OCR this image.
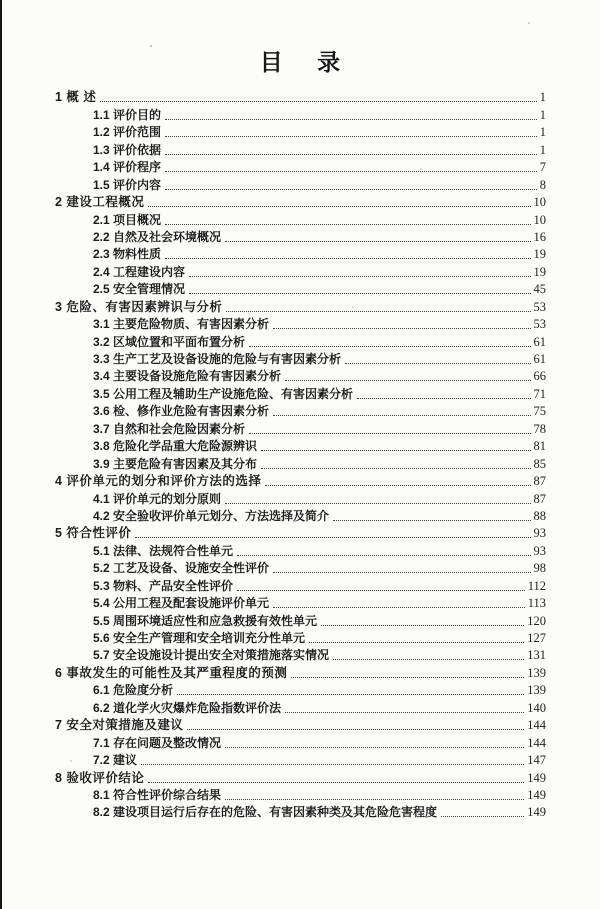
目 录
1 概 述	1
1.1 评价目的	1
1.2 评价范围	1
1.3 评价依据	1
1.4 评价程序	7
1.5 评价内容	8
2 建设工程概况	10
2.1 项目概况	10
2.2 自然及社会环境概况	16
2.3 物料性质	19
2.4 工程建设内容	19
2.5 安全管理情况	45
3 危险、有害因素辨识与分析	53
3.1 主要危险物质、有害因素分析	53
3.2 区域位置和平面布置分析	61
3.3 生产工艺及设备设施的危险与有害因素分析	61
3.4 主要设备设施危险有害因素分析	66
3.5 公用工程及辅助生产设施危险、有害因素分析	71
3.6 检、修作业危险有害因素分析	75
3.7 自然和社会危险因素分析	78
3.8 危险化学品重大危险源辨识	81
3.9 主要危险有害因素及其分布	85
4 评价单元的划分和评价方法的选择	87
4.1 评价单元的划分原则	87
4.2 安全验收评价单元划分、方法选择及简介	88
5 符合性评价	93
5.1 法律、法规符合性单元	93
5.2 工艺及设备、设施安全性评价	98
5.3 物料、产品安全性评价	112
5.4 公用工程及配套设施评价单元	113
5.5 周围环境适应性和应急救援有效性单元	120
5.6 安全生产管理和安全培训充分性单元	127
5.7 安全设施设计提出安全对策措施落实情况	131
6 事故发生的可能性及其严重程度的预测	139
6.1 危险度分析	139
6.2 道化学火灾爆炸危险指数评价法	140
7 安全对策措施及建议	144
7.1 存在问题及整改情况	144
7.2 建议	147
8 验收评价结论	149
8.1 符合性评价综合结果	149
8.2 建设项目运行后存在的危险、有害因素种类及其危险危害程度	149
